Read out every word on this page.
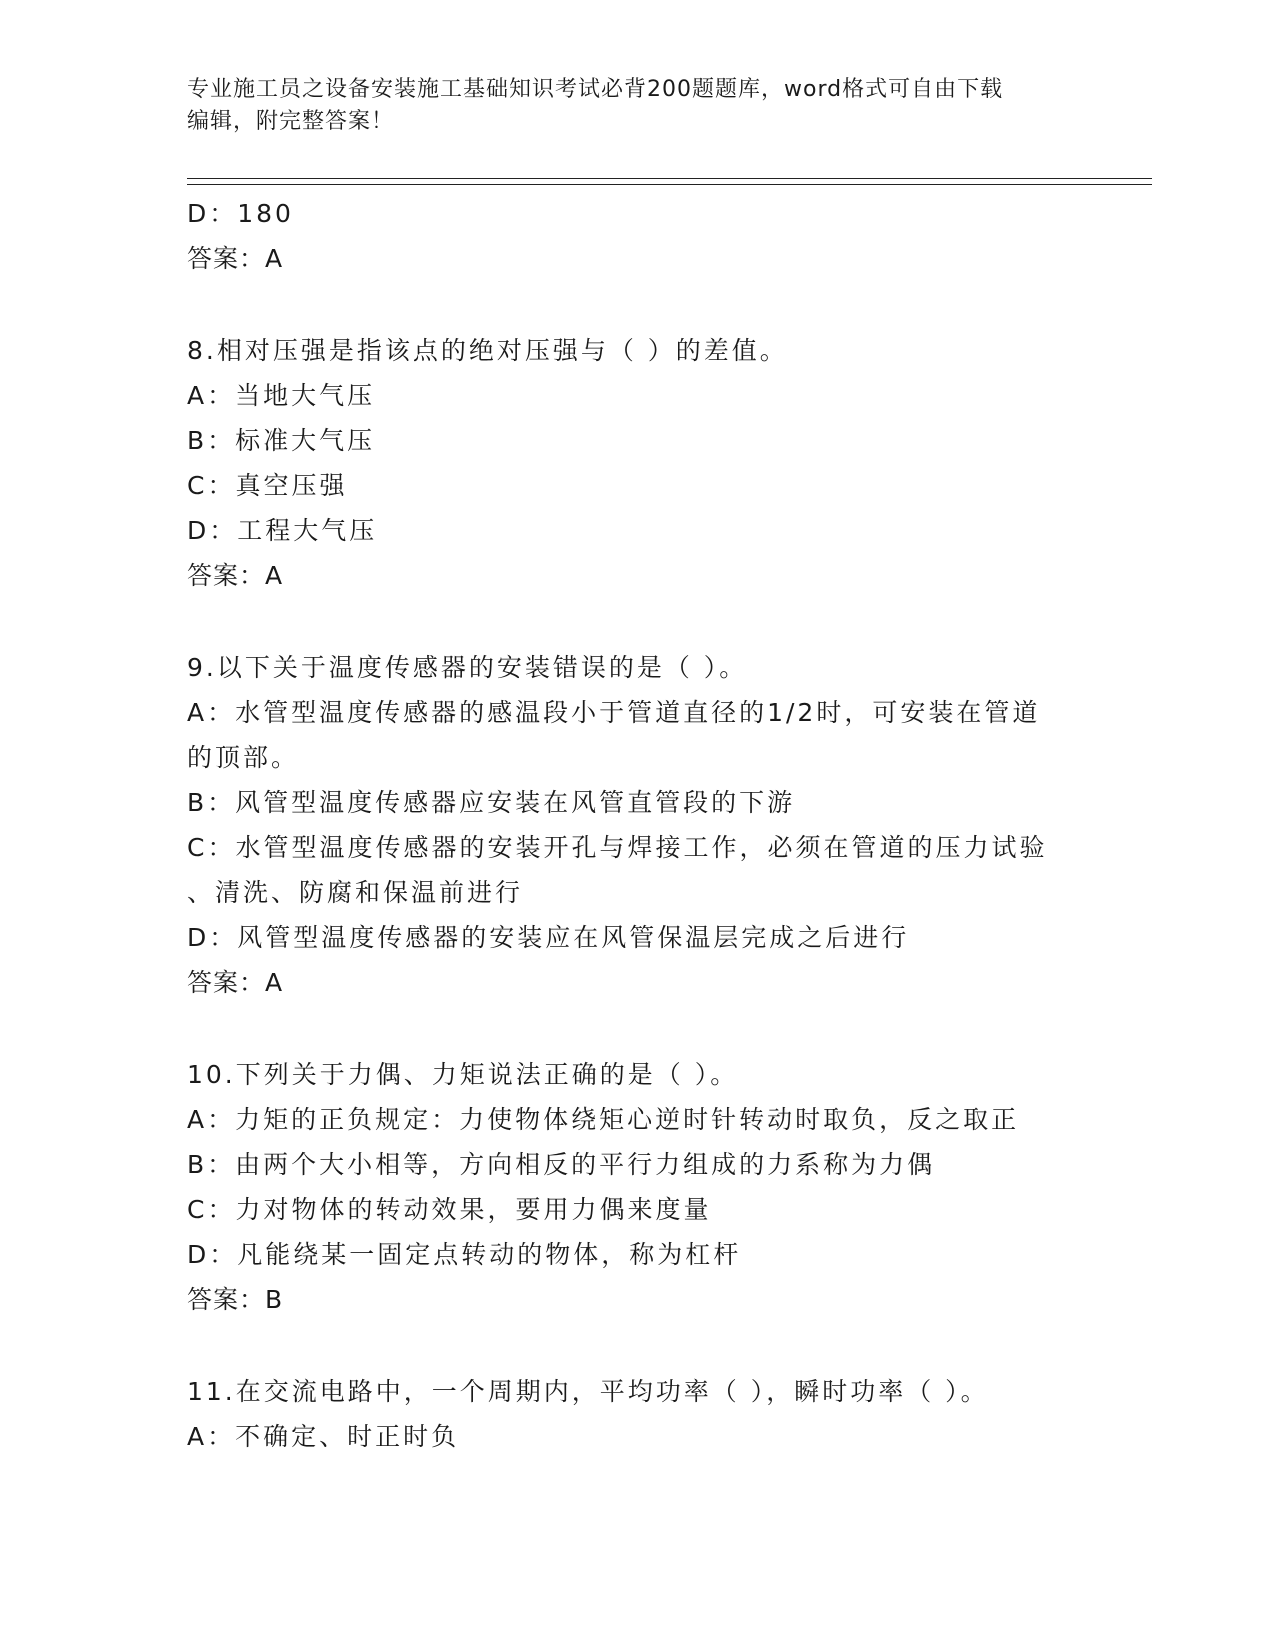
专业施工员之设备安装施工基础知识考试必背200题题库，word格式可自由下载
编辑，附完整答案！
D：180
答案：A
8.相对压强是指该点的绝对压强与（ ）的差值。
A：当地大气压
B：标准大气压
C：真空压强
D：工程大气压
答案：A
9.以下关于温度传感器的安装错误的是（ ）。
A：水管型温度传感器的感温段小于管道直径的1/2时，可安装在管道
的顶部。
B：风管型温度传感器应安装在风管直管段的下游
C：水管型温度传感器的安装开孔与焊接工作，必须在管道的压力试验
、清洗、防腐和保温前进行
D：风管型温度传感器的安装应在风管保温层完成之后进行
答案：A
10.下列关于力偶、力矩说法正确的是（ ）。
A：力矩的正负规定：力使物体绕矩心逆时针转动时取负，反之取正
B：由两个大小相等，方向相反的平行力组成的力系称为力偶
C：力对物体的转动效果，要用力偶来度量
D：凡能绕某一固定点转动的物体，称为杠杆
答案：B
11.在交流电路中，一个周期内，平均功率（ ），瞬时功率（ ）。
A：不确定、时正时负
